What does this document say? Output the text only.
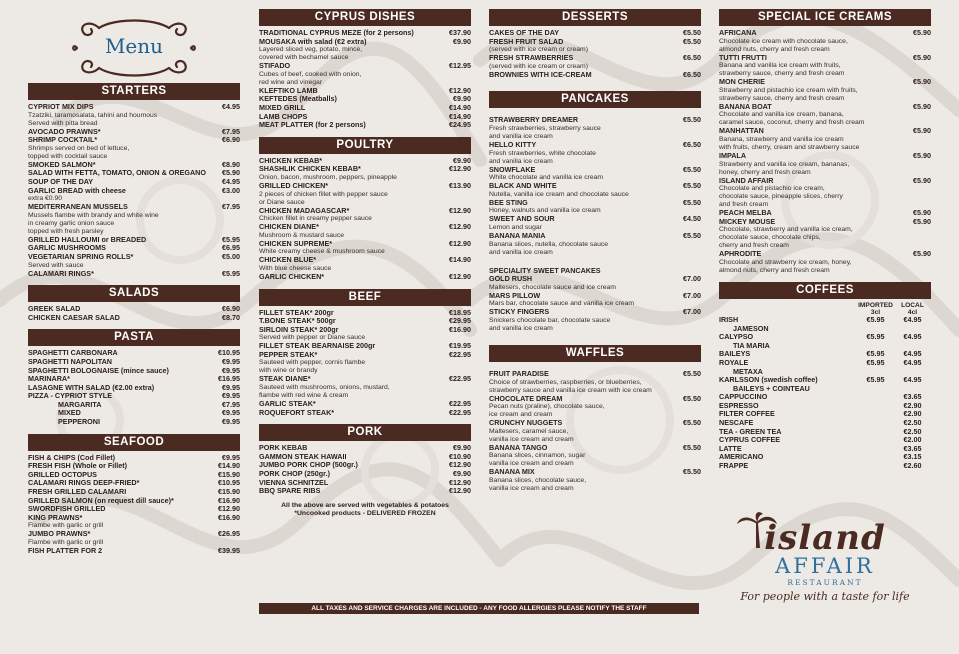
Menu
STARTERS
CYPRIOT MIX DIPS	€4.95
Tzatziki, taramosalata, tahini and houmous
Served with pitta bread
AVOCADO PRAWNS*	€7.95
SHRIMP COCKTAIL*	€6.90
Shrimps served on bed of lettuce,
topped with cocktail sauce
SMOKED SALMON*	€8.90
SALAD WITH FETTA, TOMATO, ONION & OREGANO	€5.90
SOUP OF THE DAY	€4.95
GARLIC BREAD with cheese	€3.00
extra €0.90
MEDITERRANEAN MUSSELS	€7.95
Mussels flambe with brandy and white wine
in creamy garlic onion sauce
topped with fresh parsley
GRILLED HALLOUMI or BREADED	€5.95
GARLIC MUSHROOMS	€6.95
VEGETARIAN SPRING ROLLS*	€5.00
Served with sauce
CALAMARI RINGS*	€5.95
SALADS
GREEK SALAD	€6.90
CHICKEN CAESAR SALAD	€8.70
PASTA
SPAGHETTI CARBONARA	€10.95
SPAGHETTI NAPOLITAN	€9.95
SPAGHETTI BOLOGNAISE (mince sauce)	€9.95
MARINARA*	€16.95
LASAGNE WITH SALAD (€2.00 extra)	€9.95
PIZZA - CYPRIOT STYLE	€9.95
MARGARITA	€7.95
MIXED	€9.95
PEPPERONI	€9.95
SEAFOOD
FISH & CHIPS (Cod Fillet)	€9.95
FRESH FISH (Whole or Fillet)	€14.90
GRILLED OCTOPUS	€15.90
CALAMARI RINGS DEEP-FRIED*	€10.95
FRESH GRILLED CALAMARI	€15.90
GRILLED SALMON (on request dill sauce)*	€16.90
SWORDFISH GRILLED	€12.90
KING PRAWNS*	€16.90
Flambe with garlic or grill
JUMBO PRAWNS*	€26.95
Flambe with garlic or grill
FISH PLATTER FOR 2	€39.95
CYPRUS DISHES
TRADITIONAL CYPRUS MEZE (for 2 persons)	€37.90
MOUSAKA with salad (€2 extra)	€9.90
Layered sliced veg, potato, mince,
covered with bechamel sauce
STIFADO	€12.95
Cubes of beef, cooked with onion,
red wine and vinegar
KLEFTIKO LAMB	€12.90
KEFTEDES (Meatballs)	€9.90
MIXED GRILL	€14.90
LAMB CHOPS	€14.90
MEAT PLATTER (for 2 persons)	€24.95
POULTRY
CHICKEN KEBAB*	€9.90
SHASHLIK CHICKEN KEBAB*	€12.90
Onion, bacon, mushroom, peppers, pineapple
GRILLED CHICKEN*	€13.90
2 pieces of chicken fillet with pepper sauce
or Diane sauce
CHICKEN MADAGASCAR*	€12.90
Chicken fillet in creamy pepper sauce
CHICKEN DIANE*	€12.90
Mushroom & mustard sauce
CHICKEN SUPREME*	€12.90
White creamy cheese & mushroom sauce
CHICKEN BLUE*	€14.90
With blue cheese sauce
GARLIC CHICKEN*	€12.90
BEEF
FILLET STEAK* 200gr	€18.95
T.BONE STEAK* 500gr	€29.95
SIRLOIN STEAK* 200gr	€16.90
Served with pepper or Diane sauce
FILLET STEAK BEARNAISE 200gr	€19.95
PEPPER STEAK*	€22.95
Sauteed with pepper, cornis flambe
with wine or brandy
STEAK DIANE*	€22.95
Sauteed with mushrooms, onions, mustard,
flambe with red wine & cream
GARLIC STEAK*	€22.95
ROQUEFORT STEAK*	€22.95
PORK
PORK KEBAB	€9.90
GAMMON STEAK HAWAII	€10.90
JUMBO PORK CHOP (500gr.)	€12.90
PORK CHOP (250gr.)	€9.90
VIENNA SCHNITZEL	€12.90
BBQ SPARE RIBS	€12.90
All the above are served with vegetables & potatoes
*Uncooked products - DELIVERED FROZEN
DESSERTS
CAKES OF THE DAY	€5.50
FRESH FRUIT SALAD	€5.50
(served with ice cream or cream)
FRESH STRAWBERRIES	€6.50
(served with ice cream or cream)
BROWNIES WITH ICE-CREAM	€6.50
PANCAKES
STRAWBERRY DREAMER	€5.50
Fresh strawberries, strawberry sauce
and vanilla ice cream
HELLO KITTY	€6.50
Fresh strawberries, white chocolate
and vanilla ice cream
SNOWFLAKE	€5.50
White chocolate and vanilla ice cream
BLACK AND WHITE	€5.50
Nutella, vanilla ice cream and chocolate sauce
BEE STING	€5.50
Honey, walnuts and vanilla ice cream
SWEET AND SOUR	€4.50
Lemon and sugar
BANANA MANIA	€5.50
Banana slices, nutella, chocolate sauce
and vanilla ice cream
SPECIALITY SWEET PANCAKES
GOLD RUSH	€7.00
Maltesers, chocolate sauce and ice cream
MARS PILLOW	€7.00
Mars bar, chocolate sauce and vanilla ice cream
STICKY FINGERS	€7.00
Snickers chocolate bar, chocolate sauce
and vanilla ice cream
WAFFLES
FRUIT PARADISE	€5.50
Choice of strawberries, raspberries, or blueberries,
strawberry sauce and vanilla ice cream with ice cream
CHOCOLATE DREAM	€5.50
Pecan nuts (praline), chocolate sauce,
ice cream and cream
CRUNCHY NUGGETS	€5.50
Maltesers, caramel sauce,
vanilla ice cream and cream
BANANA TANGO	€5.50
Banana slices, cinnamon, sugar
vanilla ice cream and cream
BANANA MIX	€5.50
Banana slices, chocolate sauce,
vanilla ice cream and cream
SPECIAL ICE CREAMS
AFRICANA	€5.90
Chocolate ice cream with chocolate sauce,
almond nuts, cherry and fresh cream
TUTTI FRUTTI	€5.90
Banana and vanilla ice cream with fruits,
strawberry sauce, cherry and fresh cream
MON CHERIE	€5.90
Strawberry and pistachio ice cream with fruits,
strawberry sauce, cherry and fresh cream
BANANA BOAT	€5.90
Chocolate and vanilla ice cream, banana,
caramel sauce, coconut, cherry and fresh cream
MANHATTAN	€5.90
Banana, strawberry and vanilla ice cream
with fruits, cherry, cream and strawberry sauce
IMPALA	€5.90
Strawberry and vanilla ice cream, bananas,
honey, cherry and fresh cream
ISLAND AFFAIR	€5.90
Chocolate and pistachio ice cream,
chocolate sauce, pineapple slices, cherry
and fresh cream
PEACH MELBA	€5.90
MICKEY MOUSE	€5.90
Chocolate, strawberry and vanilla ice cream,
chocolate sauce, chocolate chips,
cherry and fresh cream
APHRODITE	€5.90
Chocolate and strawberry ice cream, honey,
almond nuts, cherry and fresh cream
COFFEES
IMPORTED
3cl
LOCAL
4cl
IRISH	€5.95	€4.95
JAMESON
CALYPSO	€5.95	€4.95
TIA MARIA
BAILEYS	€5.95	€4.95
ROYALE	€5.95	€4.95
METAXA
KARLSSON (swedish coffee)	€5.95	€4.95
BAILEYS + COINTEAU
CAPPUCCINO	€3.65
ESPRESSO	€2.90
FILTER COFFEE	€2.90
NESCAFE	€2.50
TEA - GREEN TEA	€2.50
CYPRUS COFFEE	€2.00
LATTE	€3.65
AMERICANO	€3.15
FRAPPE	€2.60
ALL TAXES AND SERVICE CHARGES ARE INCLUDED - ANY FOOD ALLERGIES PLEASE NOTIFY THE STAFF
island
AFFAIR
RESTAURANT
For people with a taste for life
